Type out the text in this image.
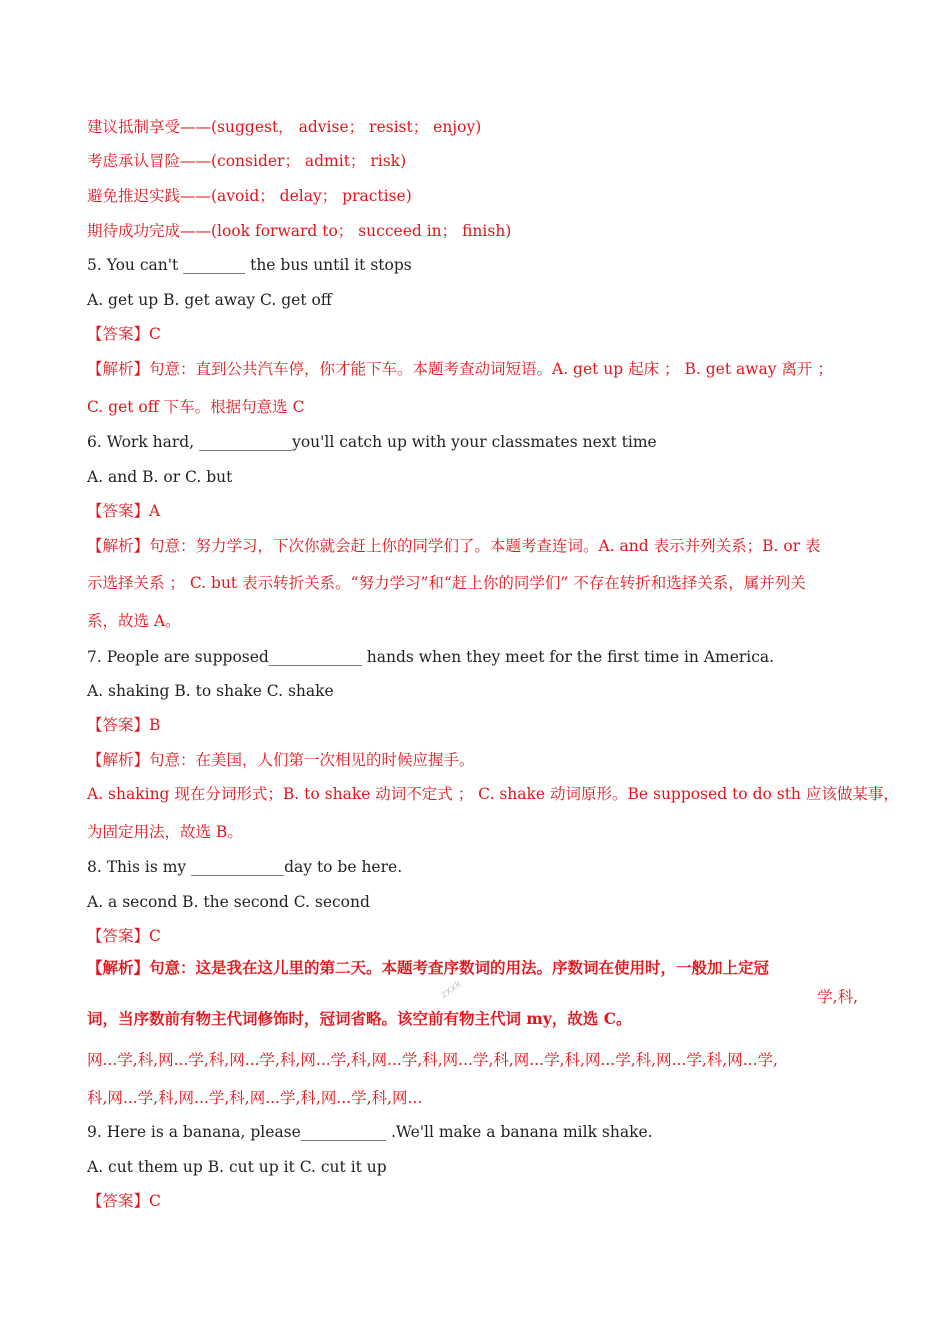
建议抵制享受——(suggest， advise； resist； enjoy)
考虑承认冒险——(consider； admit； risk)
避免推迟实践——(avoid； delay； practise)
期待成功完成——(look forward to； succeed in； finish)
5. You can't ________ the bus until it stops
A. get up B. get away C. get off
【答案】C
【解析】句意：直到公共汽车停，你才能下车。本题考查动词短语。A. get up 起床 ； B. get away 离开 ；
C. get off 下车。根据句意选 C
6. Work hard, ____________you'll catch up with your classmates next time
A. and B. or C. but
【答案】A
【解析】句意：努力学习，下次你就会赶上你的同学们了。本题考查连词。A. and 表示并列关系；B. or 表
示选择关系 ； C. but 表示转折关系。“努力学习”和“赶上你的同学们” 不存在转折和选择关系，属并列关
系，故选 A。
7. People are supposed____________ hands when they meet for the first time in America.
A. shaking B. to shake C. shake
【答案】B
【解析】句意：在美国，人们第一次相见的时候应握手。
A. shaking 现在分词形式；B. to shake 动词不定式 ； C. shake 动词原形。Be supposed to do sth 应该做某事，
为固定用法，故选 B。
8. This is my ____________day to be here.
A. a second B. the second C. second
【答案】C
【解析】句意：这是我在这儿里的第二天。本题考查序数词的用法。序数词在使用时，一般加上定冠
学,科,
词，当序数前有物主代词修饰时，冠词省略。该空前有物主代词 my，故选 C。
网...学,科,网...学,科,网...学,科,网...学,科,网...学,科,网...学,科,网...学,科,网...学,科,网...学,科,网...学,
科,网...学,科,网...学,科,网...学,科,网...学,科,网...
9. Here is a banana, please___________ .We'll make a banana milk shake.
A. cut them up B. cut up it C. cut it up
【答案】C
zxxk
